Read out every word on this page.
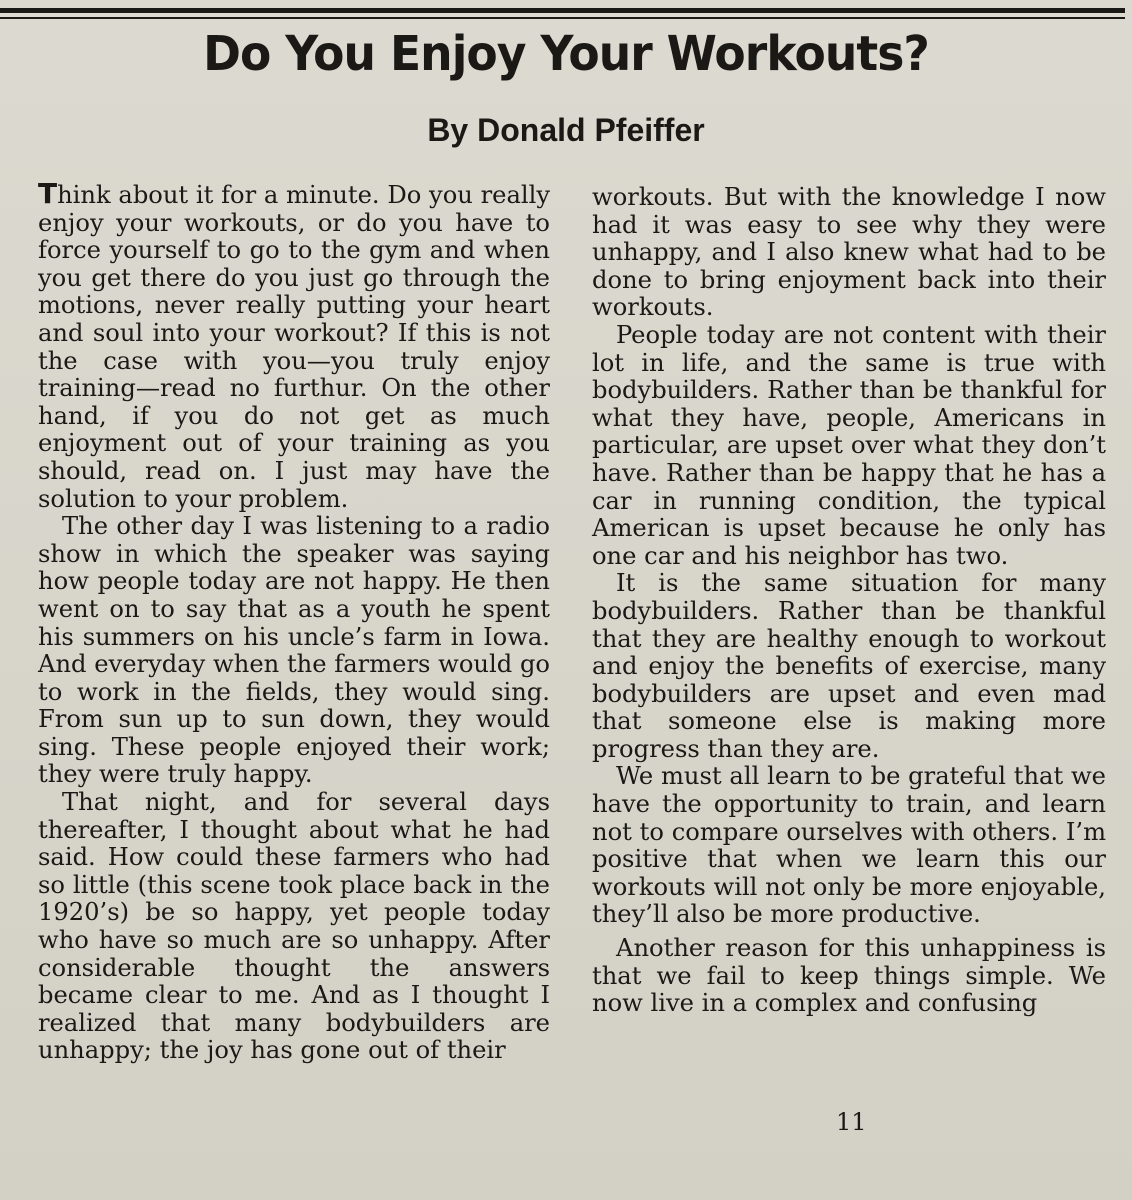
Do You Enjoy Your Workouts?
By Donald Pfeiffer

Think about it for a minute. Do you really enjoy your workouts, or do you have to force yourself to go to the gym and when you get there do you just go through the motions, never really putting your heart and soul into your workout? If this is not the case with you—you truly enjoy training—read no furthur. On the other hand, if you do not get as much enjoyment out of your training as you should, read on. I just may have the solution to your problem.

The other day I was listening to a radio show in which the speaker was saying how people today are not happy. He then went on to say that as a youth he spent his summers on his uncle’s farm in Iowa. And everyday when the farmers would go to work in the fields, they would sing. From sun up to sun down, they would sing. These people enjoyed their work; they were truly happy.

That night, and for several days thereafter, I thought about what he had said. How could these farmers who had so little (this scene took place back in the 1920’s) be so happy, yet people today who have so much are so unhappy. After considerable thought the answers became clear to me. And as I thought I realized that many bodybuilders are unhappy; the joy has gone out of their

workouts. But with the knowledge I now had it was easy to see why they were unhappy, and I also knew what had to be done to bring enjoyment back into their workouts.

People today are not content with their lot in life, and the same is true with bodybuilders. Rather than be thankful for what they have, people, Americans in particular, are upset over what they don’t have. Rather than be happy that he has a car in running condition, the typical American is upset because he only has one car and his neighbor has two.

It is the same situation for many bodybuilders. Rather than be thankful that they are healthy enough to workout and enjoy the benefits of exercise, many bodybuilders are upset and even mad that someone else is making more progress than they are.

We must all learn to be grateful that we have the opportunity to train, and learn not to compare ourselves with others. I’m positive that when we learn this our workouts will not only be more enjoyable, they’ll also be more productive.

Another reason for this unhappiness is that we fail to keep things simple. We now live in a complex and confusing

11
